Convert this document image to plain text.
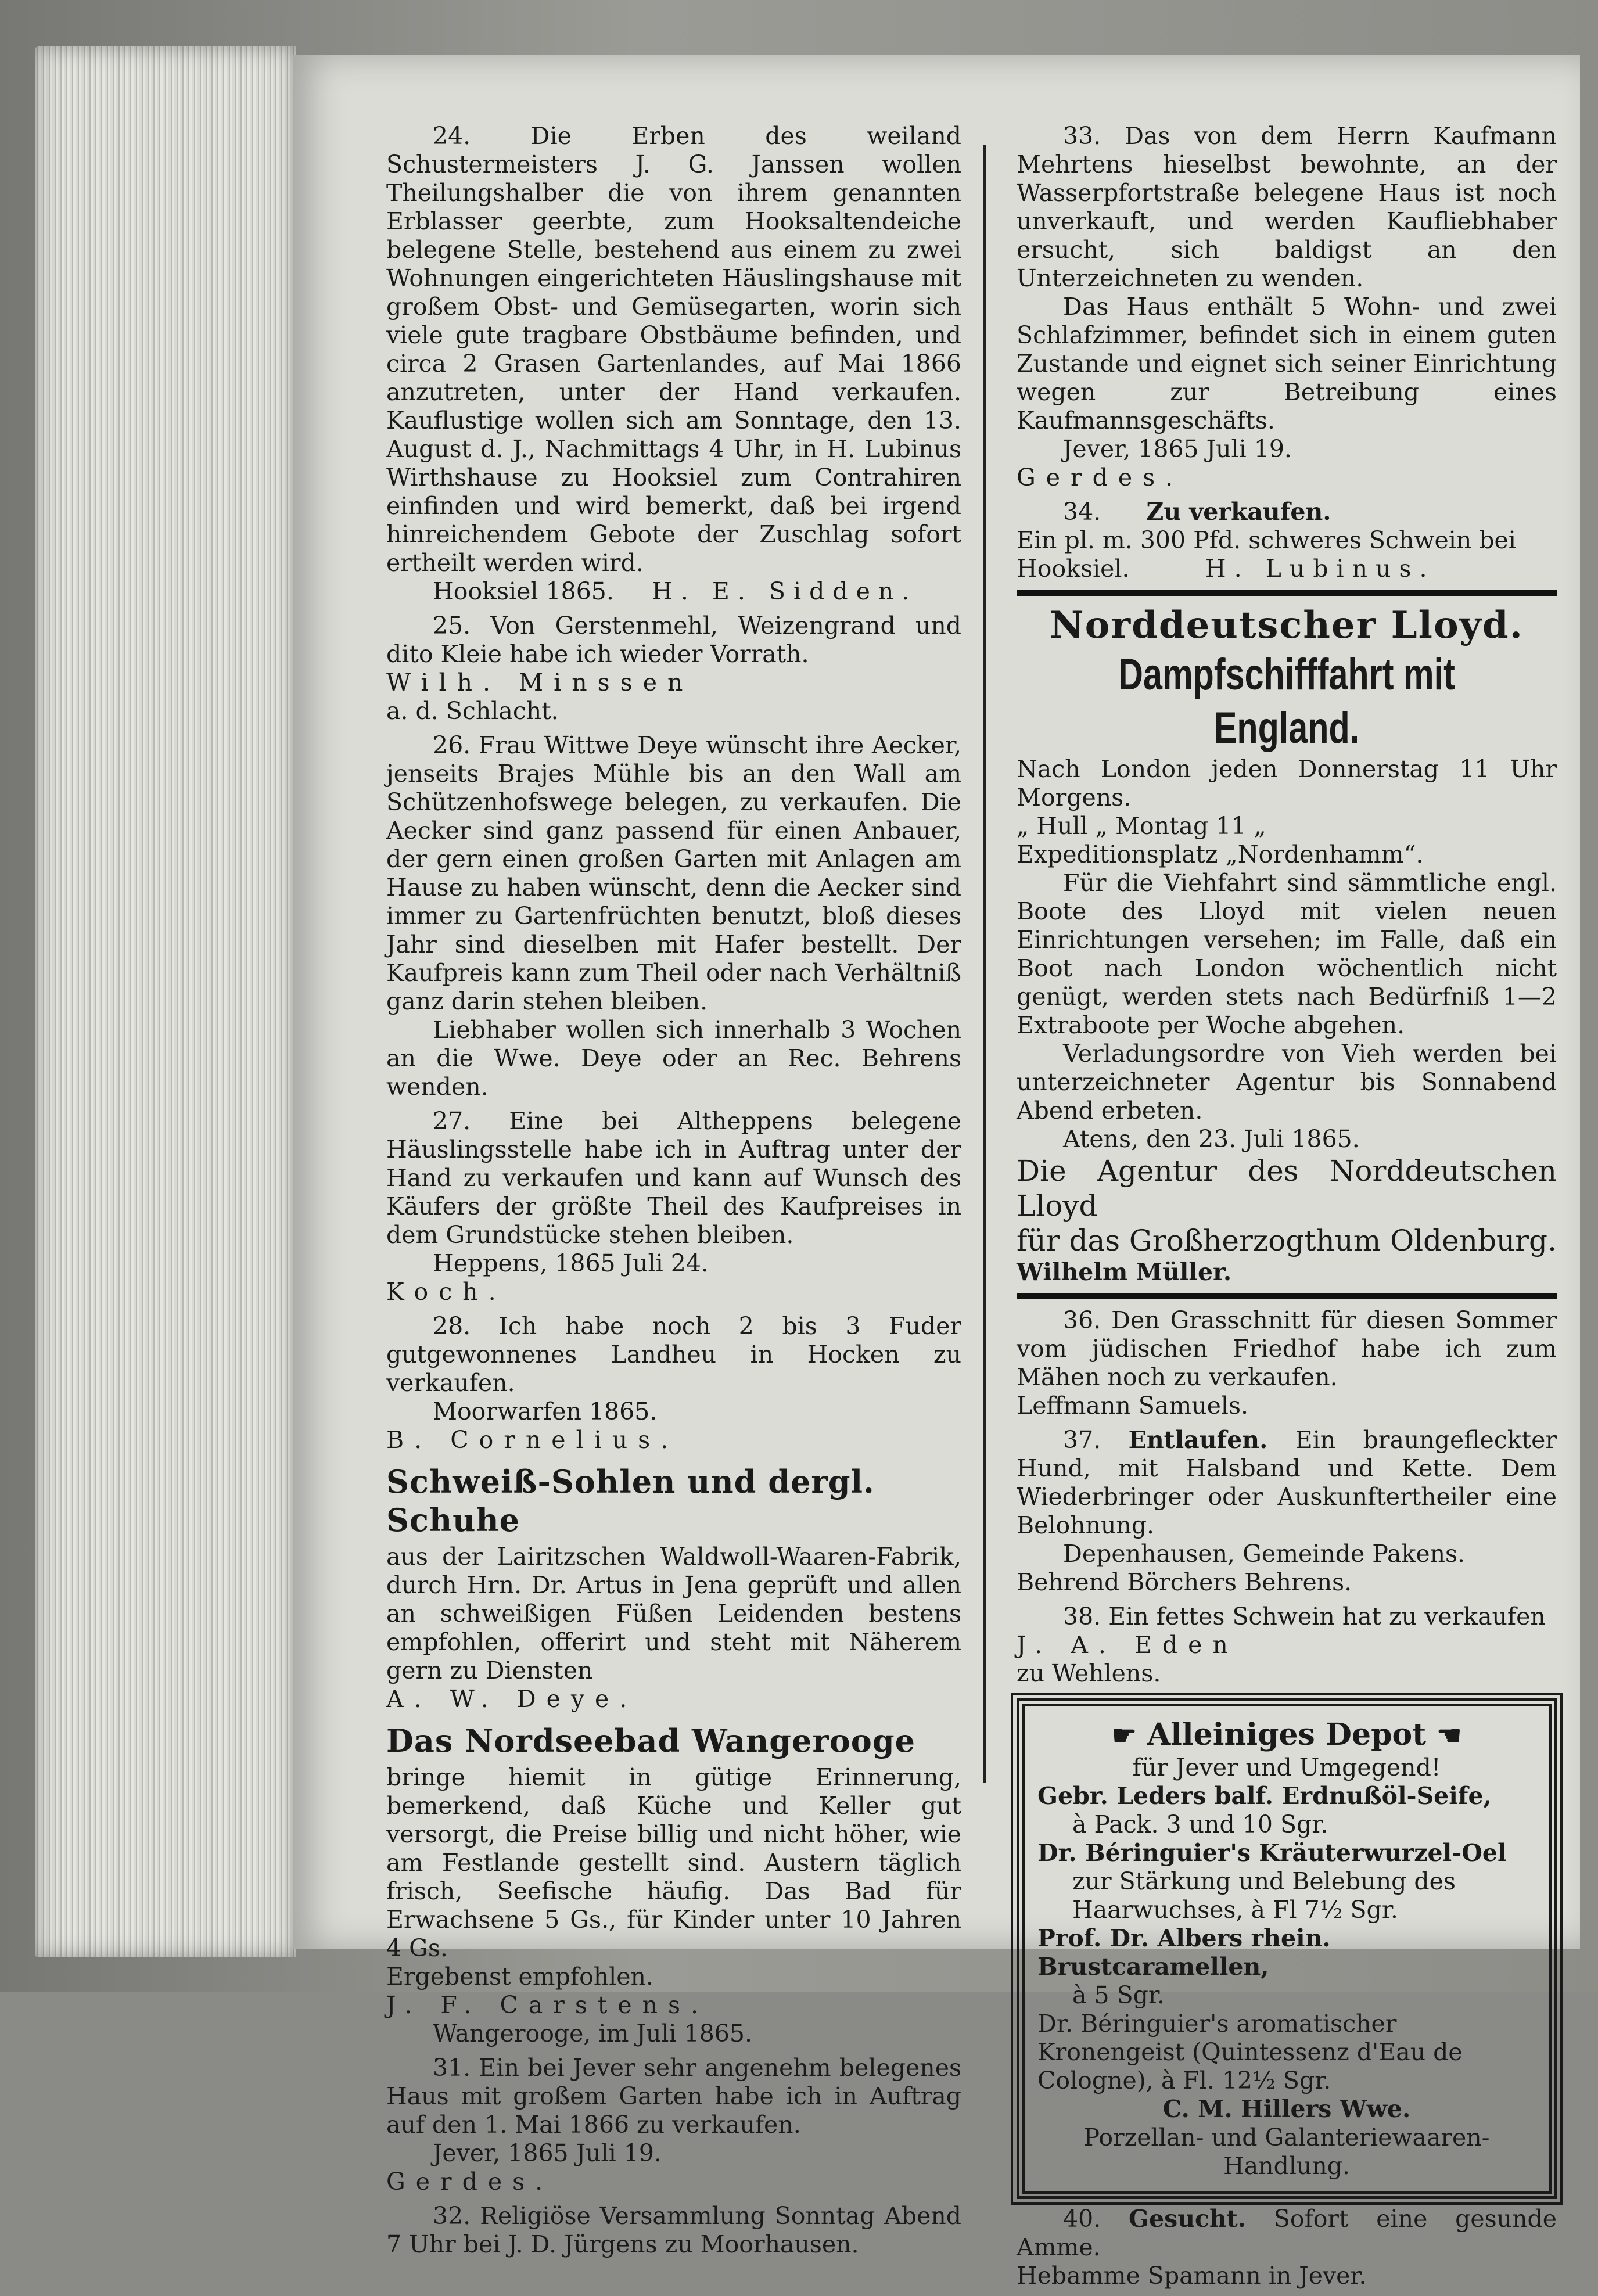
24. Die Erben des weiland Schustermeisters J. G. Janssen wollen Theilungshalber die von ihrem genannten Erblasser geerbte, zum Hooksaltendeiche belegene Stelle, bestehend aus einem zu zwei Wohnungen eingerichteten Häuslingshause mit großem Obst- und Gemüsegarten, worin sich viele gute tragbare Obstbäume befinden, und circa 2 Grasen Gartenlandes, auf Mai 1866 anzutreten, unter der Hand verkaufen. Kauflustige wollen sich am Sonntage, den 13. August d. J., Nachmittags 4 Uhr, in H. Lubinus Wirthshause zu Hooksiel zum Contrahiren einfinden und wird bemerkt, daß bei irgend hinreichendem Gebote der Zuschlag sofort ertheilt werden wird.

Hooksiel 1865. H. E. Sidden.

25. Von Gerstenmehl, Weizengrand und dito Kleie habe ich wieder Vorrath.

Wilh. Minssen

a. d. Schlacht.

26. Frau Wittwe Deye wünscht ihre Aecker, jenseits Brajes Mühle bis an den Wall am Schützenhofswege belegen, zu verkaufen. Die Aecker sind ganz passend für einen Anbauer, der gern einen großen Garten mit Anlagen am Hause zu haben wünscht, denn die Aecker sind immer zu Gartenfrüchten benutzt, bloß dieses Jahr sind dieselben mit Hafer bestellt. Der Kaufpreis kann zum Theil oder nach Verhältniß ganz darin stehen bleiben.

Liebhaber wollen sich innerhalb 3 Wochen an die Wwe. Deye oder an Rec. Behrens wenden.

27. Eine bei Altheppens belegene Häuslingsstelle habe ich in Auftrag unter der Hand zu verkaufen und kann auf Wunsch des Käufers der größte Theil des Kaufpreises in dem Grundstücke stehen bleiben.

Heppens, 1865 Juli 24.

Koch.

28. Ich habe noch 2 bis 3 Fuder gutgewonnenes Landheu in Hocken zu verkaufen.

Moorwarfen 1865.

B. Cornelius.

Schweiß-Sohlen und dergl. Schuhe

aus der Lairitzschen Waldwoll-Waaren-Fabrik, durch Hrn. Dr. Artus in Jena geprüft und allen an schweißigen Füßen Leidenden bestens empfohlen, offerirt und steht mit Näherem gern zu Diensten

A. W. Deye.

Das Nordseebad Wangerooge

bringe hiemit in gütige Erinnerung, bemerkend, daß Küche und Keller gut versorgt, die Preise billig und nicht höher, wie am Festlande gestellt sind. Austern täglich frisch, Seefische häufig. Das Bad für Erwachsene 5 Gs., für Kinder unter 10 Jahren 4 Gs.

Ergebenst empfohlen.

J. F. Carstens.

Wangerooge, im Juli 1865.

31. Ein bei Jever sehr angenehm belegenes Haus mit großem Garten habe ich in Auftrag auf den 1. Mai 1866 zu verkaufen.

Jever, 1865 Juli 19.

Gerdes.

32. Religiöse Versammlung Sonntag Abend 7 Uhr bei J. D. Jürgens zu Moorhausen.

33. Das von dem Herrn Kaufmann Mehrtens hieselbst bewohnte, an der Wasserpfortstraße belegene Haus ist noch unverkauft, und werden Kaufliebhaber ersucht, sich baldigst an den Unterzeichneten zu wenden.

Das Haus enthält 5 Wohn- und zwei Schlafzimmer, befindet sich in einem guten Zustande und eignet sich seiner Einrichtung wegen zur Betreibung eines Kaufmannsgeschäfts.

Jever, 1865 Juli 19.

Gerdes.

34. Zu verkaufen.

Ein pl. m. 300 Pfd. schweres Schwein bei

Hooksiel.	H. Lubinus.

Norddeutscher Lloyd.
Dampfschifffahrt mit England.

Nach London jeden Donnerstag 11 Uhr Morgens.

„ Hull „ Montag 11 „

Expeditionsplatz „Nordenhamm“.

Für die Viehfahrt sind sämmtliche engl. Boote des Lloyd mit vielen neuen Einrichtungen versehen; im Falle, daß ein Boot nach London wöchentlich nicht genügt, werden stets nach Bedürfniß 1—2 Extraboote per Woche abgehen.

Verladungsordre von Vieh werden bei unterzeichneter Agentur bis Sonnabend Abend erbeten.

Atens, den 23. Juli 1865.

Die Agentur des Norddeutschen Lloyd

für das Großherzogthum Oldenburg.

Wilhelm Müller.

36. Den Grasschnitt für diesen Sommer vom jüdischen Friedhof habe ich zum Mähen noch zu verkaufen.

Leffmann Samuels.

37. Entlaufen. Ein braungefleckter Hund, mit Halsband und Kette. Dem Wiederbringer oder Auskunftertheiler eine Belohnung.

Depenhausen, Gemeinde Pakens.

Behrend Börchers Behrens.

38. Ein fettes Schwein hat zu verkaufen

J. A. Eden

zu Wehlens.

☛ Alleiniges Depot ☚

für Jever und Umgegend!

Gebr. Leders balf. Erdnußöl-Seife,

à Pack. 3 und 10 Sgr.

Dr. Béringuier's Kräuterwurzel-Oel

zur Stärkung und Belebung des Haarwuchses, à Fl 7½ Sgr.

Prof. Dr. Albers rhein. Brustcaramellen,

à 5 Sgr.

Dr. Béringuier's aromatischer Kronengeist (Quintessenz d'Eau de Cologne), à Fl. 12½ Sgr.

C. M. Hillers Wwe.

Porzellan- und Galanteriewaaren-Handlung.

40. Gesucht. Sofort eine gesunde Amme.

Hebamme Spamann in Jever.
